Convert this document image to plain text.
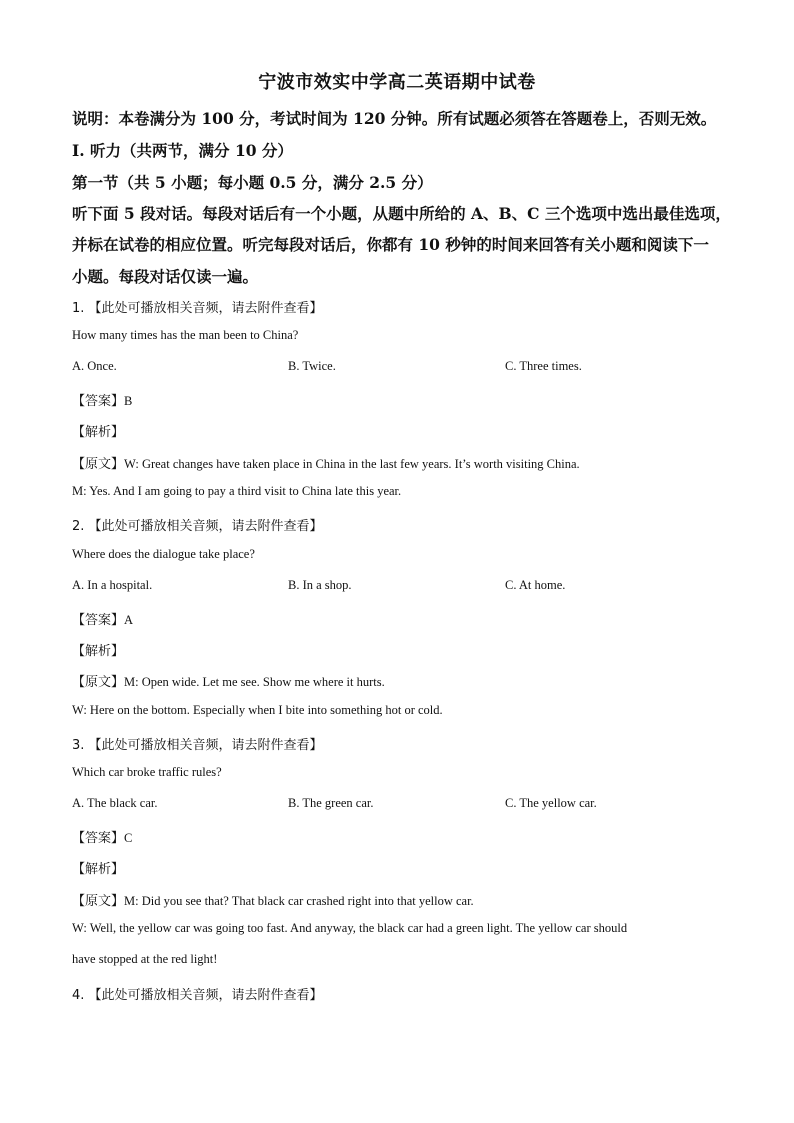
宁波市效实中学高二英语期中试卷
说明：本卷满分为 100 分，考试时间为 120 分钟。所有试题必须答在答题卷上，否则无效。
I. 听力（共两节，满分 10 分）
第一节（共 5 小题；每小题 0.5 分，满分 2.5 分）
听下面 5 段对话。每段对话后有一个小题，从题中所给的 A、B、C 三个选项中选出最佳选项，
并标在试卷的相应位置。听完每段对话后，你都有 10 秒钟的时间来回答有关小题和阅读下一
小题。每段对话仅读一遍。
1. 【此处可播放相关音频，请去附件查看】
How many times has the man been to China?
A. Once.	B. Twice.	C. Three times.
【答案】B
【解析】
【原文】W: Great changes have taken place in China in the last few years. It’s worth visiting China.
M: Yes. And I am going to pay a third visit to China late this year.
2. 【此处可播放相关音频，请去附件查看】
Where does the dialogue take place?
A. In a hospital.	B. In a shop.	C. At home.
【答案】A
【解析】
【原文】M: Open wide. Let me see. Show me where it hurts.
W: Here on the bottom. Especially when I bite into something hot or cold.
3. 【此处可播放相关音频，请去附件查看】
Which car broke traffic rules?
A. The black car.	B. The green car.	C. The yellow car.
【答案】C
【解析】
【原文】M: Did you see that? That black car crashed right into that yellow car.
W: Well, the yellow car was going too fast. And anyway, the black car had a green light. The yellow car should
have stopped at the red light!
4. 【此处可播放相关音频，请去附件查看】
